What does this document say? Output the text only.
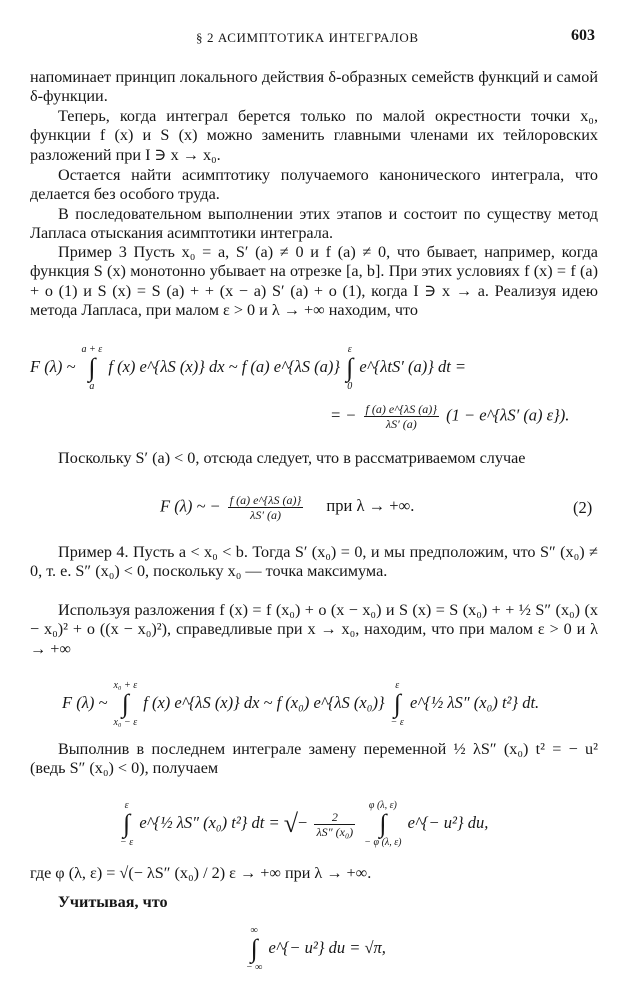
§ 2 АСИМПТОТИКА ИНТЕГРАЛОВ	603
напоминает принцип локального действия δ-образных семейств функций и самой δ-функции.
Теперь, когда интеграл берется только по малой окрестности точки x₀, функции f (x) и S (x) можно заменить главными членами их тейлоровских разложений при I ∋ x → x₀.
Остается найти асимптотику получаемого канонического интеграла, что делается без особого труда.
В последовательном выполнении этих этапов и состоит по существу метод Лапласа отыскания асимптотики интеграла.
Пример 3 Пусть x₀ = a, S′ (a) ≠ 0 и f (a) ≠ 0, что бывает, например, когда функция S (x) монотонно убывает на отрезке [a, b]. При этих условиях f (x) = f (a) + o (1) и S (x) = S (a) + + (x − a) S′ (a) + o (1), когда I ∋ x → a. Реализуя идею метода Лапласа, при малом ε > 0 и λ → +∞ находим, что
F (λ) ~
a + ε
∫
a
f (x) e^{λS (x)} dx ~ f (a) e^{λS (a)}
ε
∫
0
e^{λtS′ (a)} dt =
= − $\frac{f (a) e\^{}\{\lambda S (a)\}}{\lambda S' (a)} (1$ − e^{λS′ (a) ε}).
Поскольку S′ (a) < 0, отсюда следует, что в рассматриваемом случае
F (λ) ~ − $\frac{f (a) e\^{}\{\lambda S (a)\}}{\lambda S' (a)}$ при λ → +∞.	(2)
Пример 4. Пусть a < x₀ < b. Тогда S′ (x₀) = 0, и мы предположим, что S″ (x₀) ≠ 0, т. е. S″ (x₀) < 0, поскольку x₀ — точка максимума.
Используя разложения f (x) = f (x₀) + o (x − x₀) и S (x) = S (x₀) + + ½ S″ (x₀) (x − x₀)² + o ((x − x₀)²), справедливые при x → x₀, находим, что при малом ε > 0 и λ → +∞
F (λ) ~
x₀ + ε
∫
x₀ − ε
f (x) e^{λS (x)} dx ~ f (x₀) e^{λS (x₀)}
ε
∫
− ε
e^{½ λS″ (x₀) t²} dt.
Выполнив в последнем интеграле замену переменной ½ λS″ (x₀) t² = − u² (ведь S″ (x₀) < 0), получаем
ε
∫
− ε
e^{½ λS″ (x₀) t²} dt = √− $\frac{2}{\text{λS″ (x₀)}}$

φ (λ, ε)
∫
− φ (λ, ε)
e^{− u²} du,
где φ (λ, ε) = √(− λS″ (x₀) / 2) ε → +∞ при λ → +∞.
Учитывая, что
∞
∫
− ∞
e^{− u²} du = √π,
